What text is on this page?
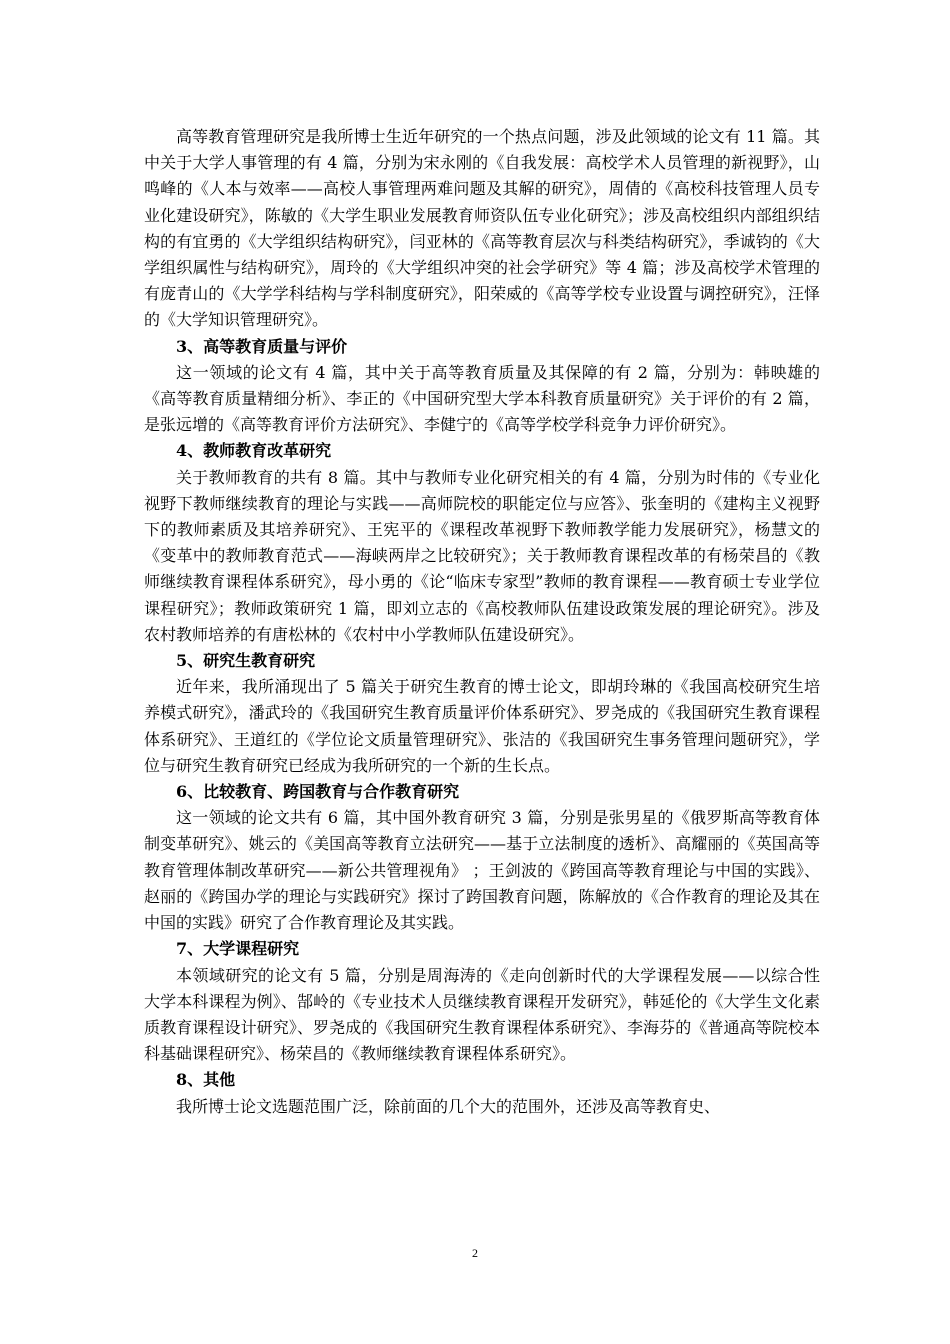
高等教育管理研究是我所博士生近年研究的一个热点问题，涉及此领域的论文有 11 篇。其中关于大学人事管理的有 4 篇，分别为宋永刚的《自我发展：高校学术人员管理的新视野》，山鸣峰的《人本与效率——高校人事管理两难问题及其解的研究》，周倩的《高校科技管理人员专业化建设研究》，陈敏的《大学生职业发展教育师资队伍专业化研究》；涉及高校组织内部组织结构的有宜勇的《大学组织结构研究》，闫亚林的《高等教育层次与科类结构研究》，季诚钧的《大学组织属性与结构研究》，周玲的《大学组织冲突的社会学研究》等 4 篇；涉及高校学术管理的有庞青山的《大学学科结构与学科制度研究》，阳荣威的《高等学校专业设置与调控研究》，汪怿的《大学知识管理研究》。

3、高等教育质量与评价

这一领域的论文有 4 篇，其中关于高等教育质量及其保障的有 2 篇，分别为：韩映雄的《高等教育质量精细分析》、李正的《中国研究型大学本科教育质量研究》关于评价的有 2 篇，是张远增的《高等教育评价方法研究》、李健宁的《高等学校学科竞争力评价研究》。

4、教师教育改革研究

关于教师教育的共有 8 篇。其中与教师专业化研究相关的有 4 篇，分别为时伟的《专业化视野下教师继续教育的理论与实践——高师院校的职能定位与应答》、张奎明的《建构主义视野下的教师素质及其培养研究》、王宪平的《课程改革视野下教师教学能力发展研究》，杨慧文的《变革中的教师教育范式——海峡两岸之比较研究》；关于教师教育课程改革的有杨荣昌的《教师继续教育课程体系研究》，母小勇的《论“临床专家型”教师的教育课程——教育硕士专业学位课程研究》；教师政策研究 1 篇，即刘立志的《高校教师队伍建设政策发展的理论研究》。涉及农村教师培养的有唐松林的《农村中小学教师队伍建设研究》。

5、研究生教育研究

近年来，我所涌现出了 5 篇关于研究生教育的博士论文，即胡玲琳的《我国高校研究生培养模式研究》，潘武玲的《我国研究生教育质量评价体系研究》、罗尧成的《我国研究生教育课程体系研究》、王道红的《学位论文质量管理研究》、张洁的《我国研究生事务管理问题研究》，学位与研究生教育研究已经成为我所研究的一个新的生长点。

6、比较教育、跨国教育与合作教育研究

这一领域的论文共有 6 篇，其中国外教育研究 3 篇，分别是张男星的《俄罗斯高等教育体制变革研究》、姚云的《美国高等教育立法研究——基于立法制度的透析》、高耀丽的《英国高等教育管理体制改革研究——新公共管理视角》 ；王剑波的《跨国高等教育理论与中国的实践》、赵丽的《跨国办学的理论与实践研究》探讨了跨国教育问题，陈解放的《合作教育的理论及其在中国的实践》研究了合作教育理论及其实践。

7、大学课程研究

本领域研究的论文有 5 篇，分别是周海涛的《走向创新时代的大学课程发展——以综合性大学本科课程为例》、郜岭的《专业技术人员继续教育课程开发研究》，韩延伦的《大学生文化素质教育课程设计研究》、罗尧成的《我国研究生教育课程体系研究》、李海芬的《普通高等院校本科基础课程研究》、杨荣昌的《教师继续教育课程体系研究》。

8、其他

我所博士论文选题范围广泛，除前面的几个大的范围外，还涉及高等教育史、

2
